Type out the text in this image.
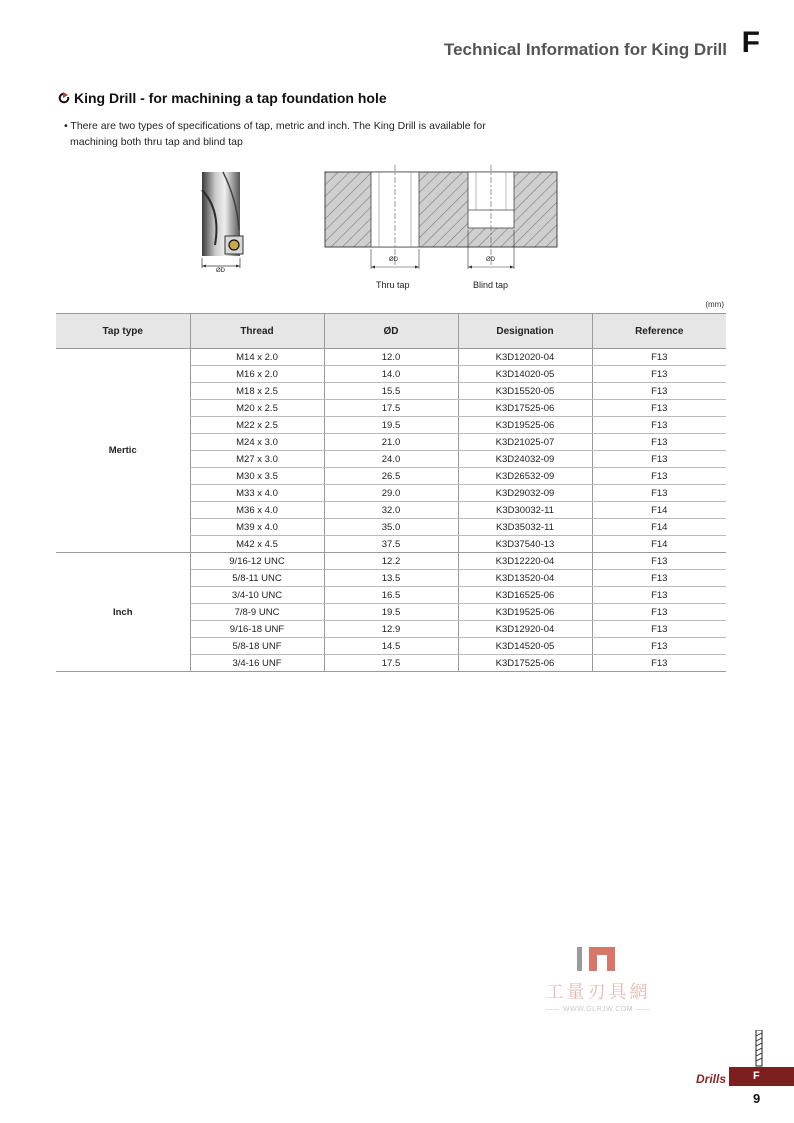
Technical Information for King Drill F
King Drill - for machining a tap foundation hole
• There are two types of specifications of tap, metric and inch. The King Drill is available for
machining both thru tap and blind tap
ØD
ØD	ØD
Thru tap	Blind tap
(mm)
Tap type	Thread	ØD	Designation	Reference
Mertic	M14 x 2.0	12.0	K3D12020-04	F13
	M16 x 2.0	14.0	K3D14020-05	F13
	M18 x 2.5	15.5	K3D15520-05	F13
	M20 x 2.5	17.5	K3D17525-06	F13
	M22 x 2.5	19.5	K3D19525-06	F13
	M24 x 3.0	21.0	K3D21025-07	F13
	M27 x 3.0	24.0	K3D24032-09	F13
	M30 x 3.5	26.5	K3D26532-09	F13
	M33 x 4.0	29.0	K3D29032-09	F13
	M36 x 4.0	32.0	K3D30032-11	F14
	M39 x 4.0	35.0	K3D35032-11	F14
	M42 x 4.5	37.5	K3D37540-13	F14
Inch	9/16-12 UNC	12.2	K3D12220-04	F13
	5/8-11 UNC	13.5	K3D13520-04	F13
	3/4-10 UNC	16.5	K3D16525-06	F13
	7/8-9 UNC	19.5	K3D19525-06	F13
	9/16-18 UNF	12.9	K3D12920-04	F13
	5/8-18 UNF	14.5	K3D14520-05	F13
	3/4-16 UNF	17.5	K3D17525-06	F13
工量刃具網
—— WWW.GLRJW.COM ——
Drills	F
9
